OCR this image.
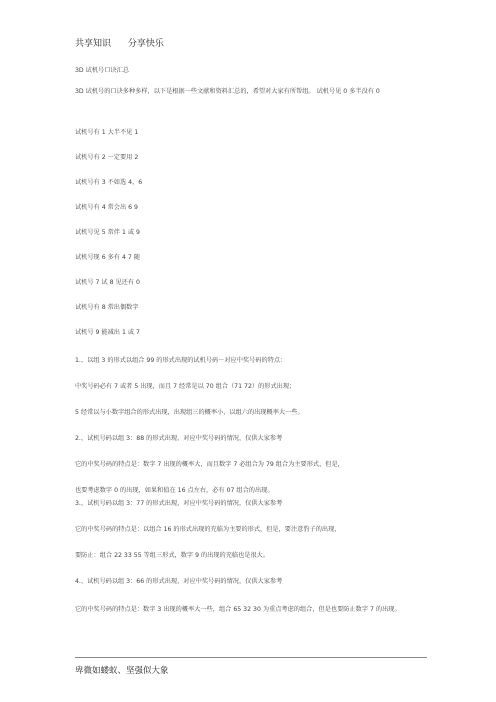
共享知识 分享快乐
3D 试机号口诀汇总
3D 试机号的口诀多种多样，以下是根据一些文献和资料汇总的，希望对大家有所帮组。 试机号见 0 多半没有 0
试机号有 1 大半不见 1
试机号有 2 一定要用 2
试机号有 3 不如选 4，6
试机号有 4 常会出 6 9
试机号见 5 常伴 1 或 9
试机号现 6 多有 4 7 随
试机号 7 试 8 见还有 0
试机号有 8 常出偶数字
试机号 9 能减出 1 或 7
1.、以组 3 的形式以组合 99 的形式出现的试机号码－对应中奖号码的特点：
中奖号码必有 7 或者 5 出现，而且 7 经常是以 70 组合（71 72）的形式出现；
5 经常以与小数字组合的形式出现，出现组三的概率小，以组六的出现概率大一些。
2.、试机号码以组 3：88 的形式出现，对应中奖号码的情况，仅供大家参考
它的中奖号码的特点是：数字 7 出现的概率大，而且数字 7 必组合为 79 组合为主要形式，但是，
也要考虑数字 0 的出现，如果和值在 16 点左右，必有 07 组合的出现。
3.、试机号码以组 3：77 的形式出现，对应中奖号码的情况，仅供大家参考
它的中奖号码的特点是：以组合 16 的形式出现的充临为主要的形式，但是，要注意豹子的出现，
要防止：组合 22 33 55 等组三形式，数字 9 的出现的充临也是很大。
4.、试机号码以组 3：66 的形式出现，对应中奖号码的情况，仅供大家参考
它的中奖号码的特点是：数字 3 出现的概率大一些，组合 65 32 30 为重点考虑的组合，但是也要防止数字 7 的出现。
卑微如蝼蚁、坚强似大象
